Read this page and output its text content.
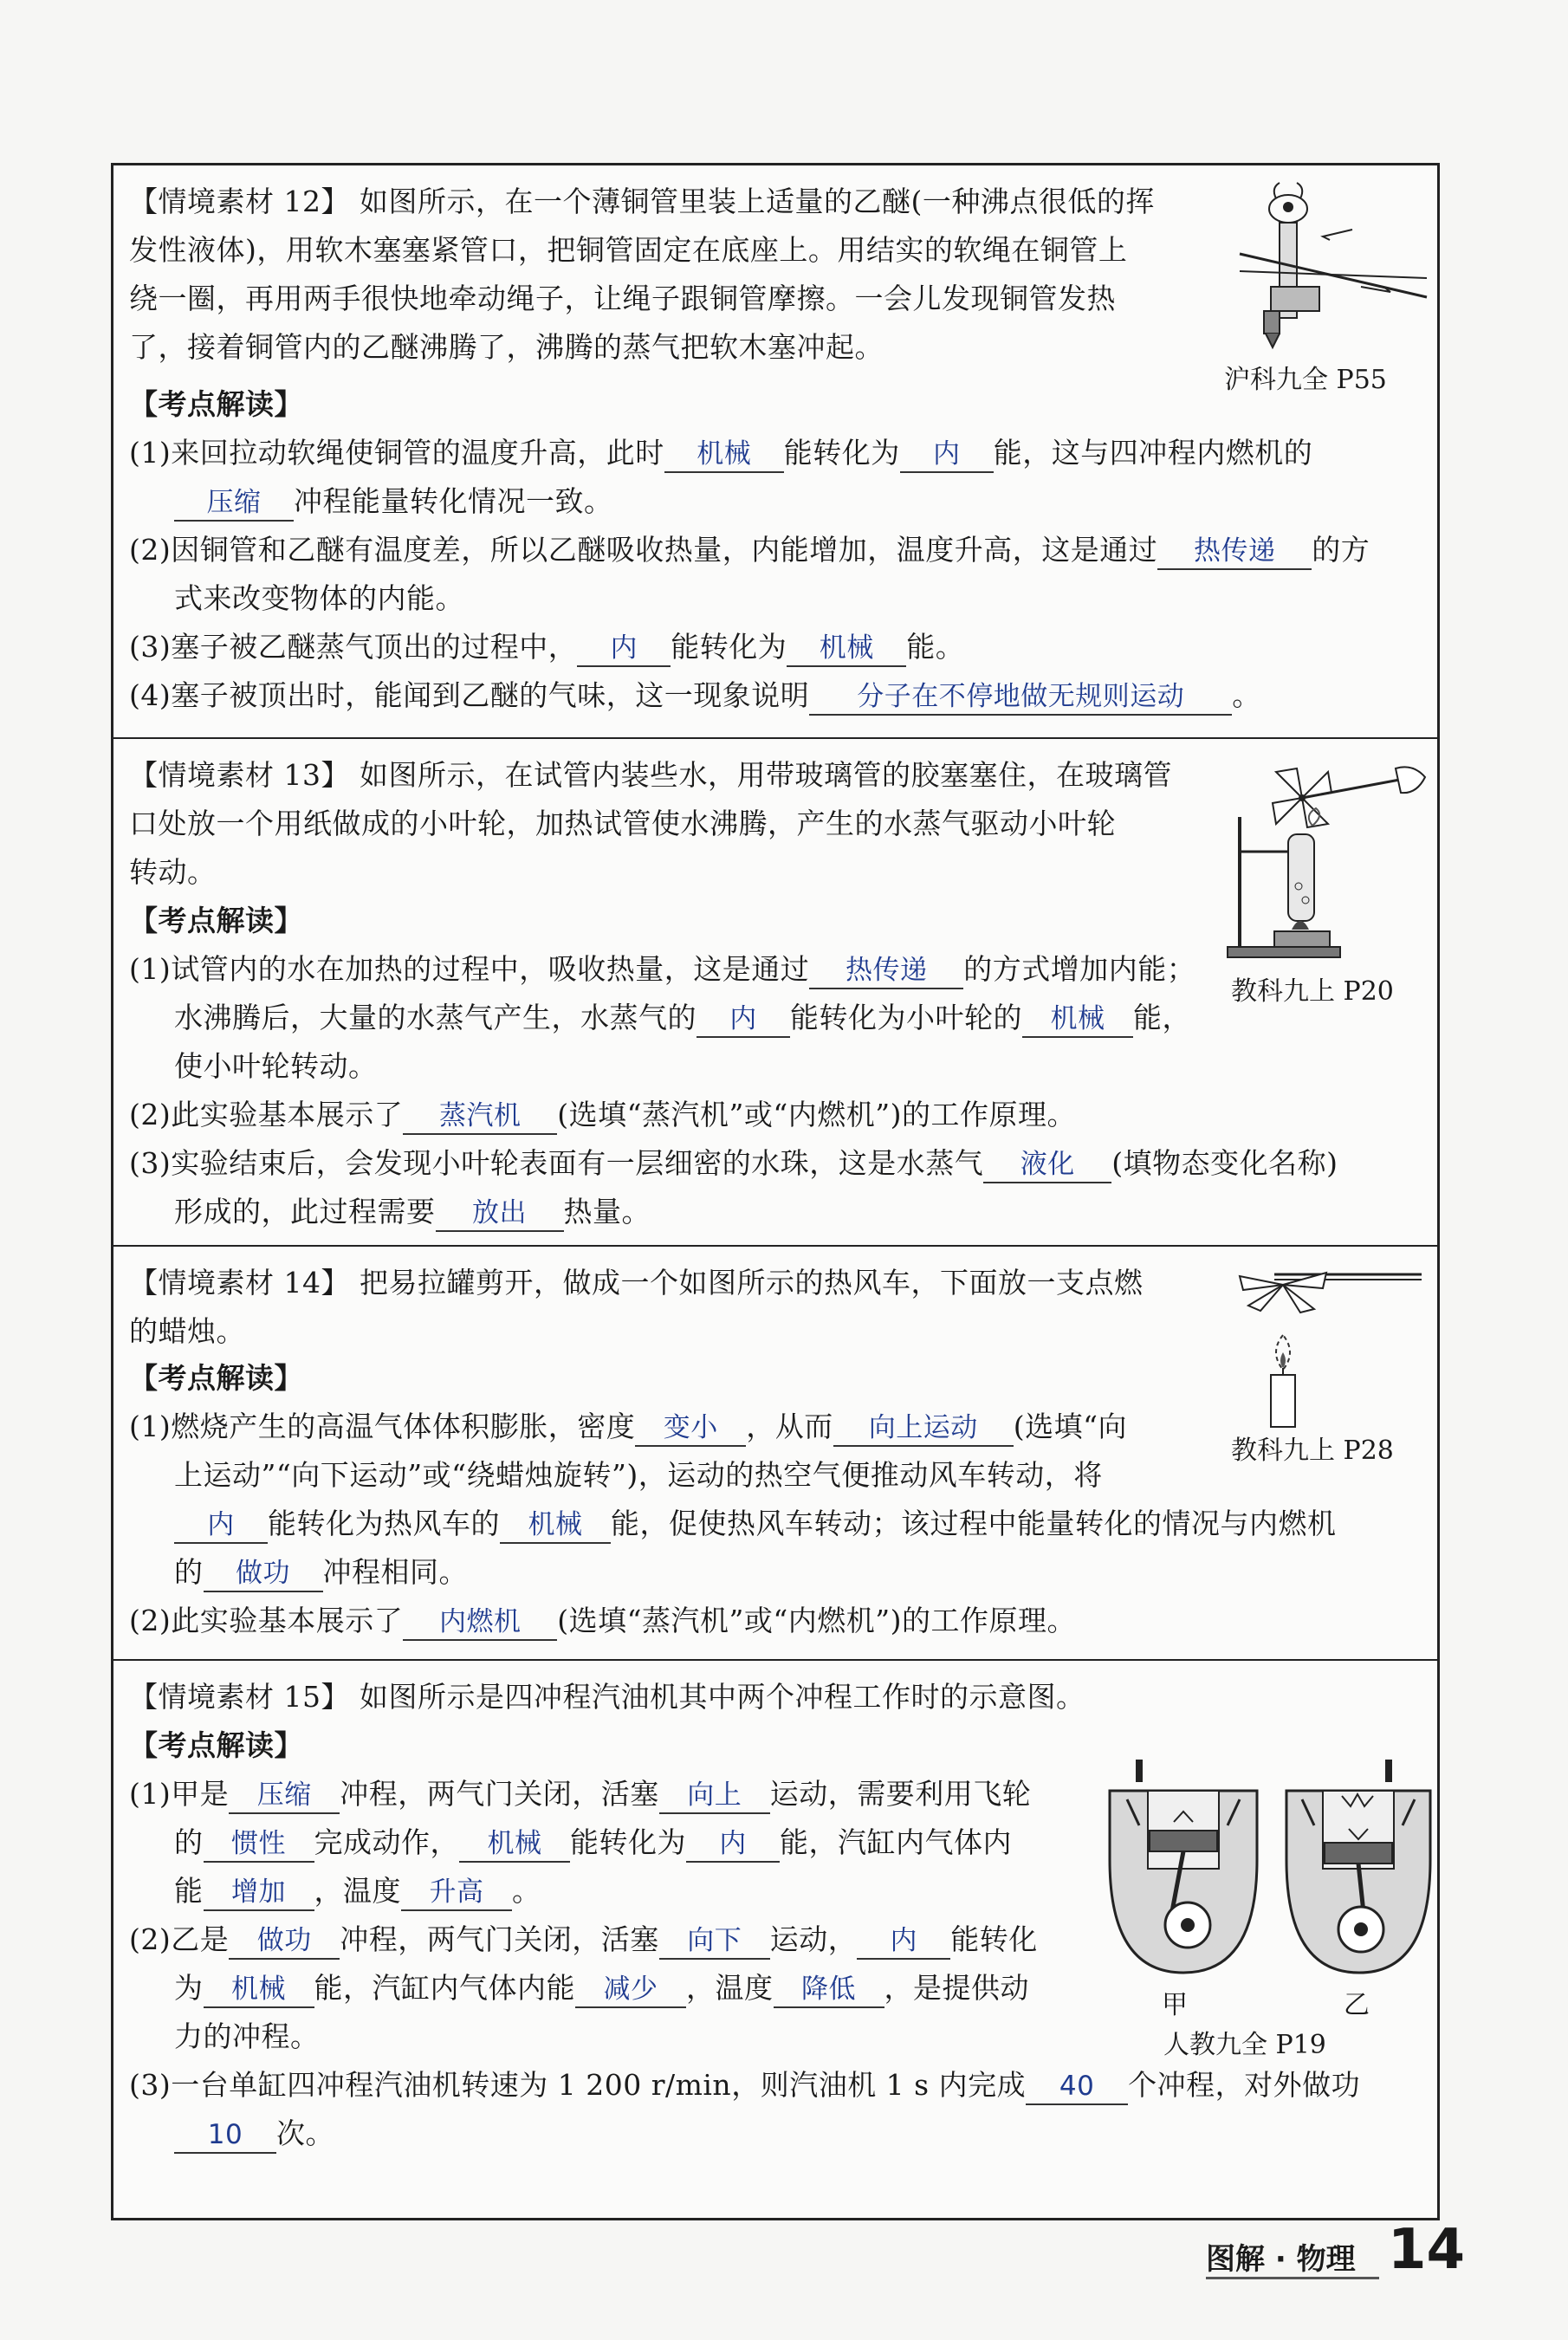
【情境素材 12】 如图所示，在一个薄铜管里装上适量的乙醚(一种沸点很低的挥
发性液体)，用软木塞塞紧管口，把铜管固定在底座上。用结实的软绳在铜管上
绕一圈，再用两手很快地牵动绳子，让绳子跟铜管摩擦。一会儿发现铜管发热
了，接着铜管内的乙醚沸腾了，沸腾的蒸气把软木塞冲起。
【考点解读】
(1)来回拉动软绳使铜管的温度升高，此时 机械 能转化为 内 能，这与四冲程内燃机的
压缩 冲程能量转化情况一致。
(2)因铜管和乙醚有温度差，所以乙醚吸收热量，内能增加，温度升高，这是通过 热传递 的方
式来改变物体的内能。
(3)塞子被乙醚蒸气顶出的过程中， 内 能转化为 机械 能。
(4)塞子被顶出时，能闻到乙醚的气味，这一现象说明 分子在不停地做无规则运动 。
沪科九全 P55
【情境素材 13】 如图所示，在试管内装些水，用带玻璃管的胶塞塞住，在玻璃管
口处放一个用纸做成的小叶轮，加热试管使水沸腾，产生的水蒸气驱动小叶轮
转动。
【考点解读】
(1)试管内的水在加热的过程中，吸收热量，这是通过 热传递 的方式增加内能；
水沸腾后，大量的水蒸气产生，水蒸气的 内 能转化为小叶轮的 机械 能，
使小叶轮转动。
(2)此实验基本展示了 蒸汽机 (选填“蒸汽机”或“内燃机”)的工作原理。
(3)实验结束后，会发现小叶轮表面有一层细密的水珠，这是水蒸气 液化 (填物态变化名称)
形成的，此过程需要 放出 热量。
教科九上 P20
【情境素材 14】 把易拉罐剪开，做成一个如图所示的热风车，下面放一支点燃
的蜡烛。
【考点解读】
(1)燃烧产生的高温气体体积膨胀，密度 变小 ，从而 向上运动 (选填“向
上运动”“向下运动”或“绕蜡烛旋转”)，运动的热空气便推动风车转动，将
内 能转化为热风车的 机械 能，促使热风车转动；该过程中能量转化的情况与内燃机
的 做功 冲程相同。
(2)此实验基本展示了 内燃机 (选填“蒸汽机”或“内燃机”)的工作原理。
教科九上 P28
【情境素材 15】 如图所示是四冲程汽油机其中两个冲程工作时的示意图。
【考点解读】
(1)甲是 压缩 冲程，两气门关闭，活塞 向上 运动，需要利用飞轮
的 惯性 完成动作， 机械 能转化为 内 能，汽缸内气体内
能 增加 ，温度 升高 。
(2)乙是 做功 冲程，两气门关闭，活塞 向下 运动， 内 能转化
为 机械 能，汽缸内气体内能 减少 ，温度 降低 ，是提供动
力的冲程。
(3)一台单缸四冲程汽油机转速为 1 200 r/min，则汽油机 1 s 内完成 40 个冲程，对外做功
10 次。
甲	乙
人教九全 P19
图解 · 物理 14
